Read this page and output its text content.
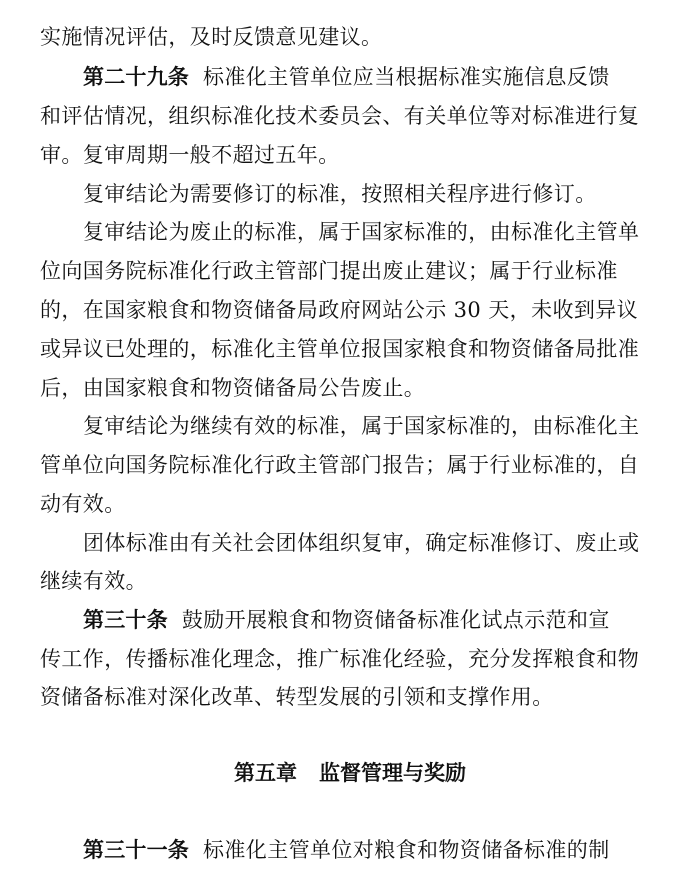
实施情况评估，及时反馈意见建议。
第二十九条 标准化主管单位应当根据标准实施信息反馈
和评估情况，组织标准化技术委员会、有关单位等对标准进行复
审。复审周期一般不超过五年。
复审结论为需要修订的标准，按照相关程序进行修订。
复审结论为废止的标准，属于国家标准的，由标准化主管单
位向国务院标准化行政主管部门提出废止建议；属于行业标准
的，在国家粮食和物资储备局政府网站公示 30 天，未收到异议
或异议已处理的，标准化主管单位报国家粮食和物资储备局批准
后，由国家粮食和物资储备局公告废止。
复审结论为继续有效的标准，属于国家标准的，由标准化主
管单位向国务院标准化行政主管部门报告；属于行业标准的，自
动有效。
团体标准由有关社会团体组织复审，确定标准修订、废止或
继续有效。
第三十条 鼓励开展粮食和物资储备标准化试点示范和宣
传工作，传播标准化理念，推广标准化经验，充分发挥粮食和物
资储备标准对深化改革、转型发展的引领和支撑作用。
第五章 监督管理与奖励
第三十一条 标准化主管单位对粮食和物资储备标准的制
